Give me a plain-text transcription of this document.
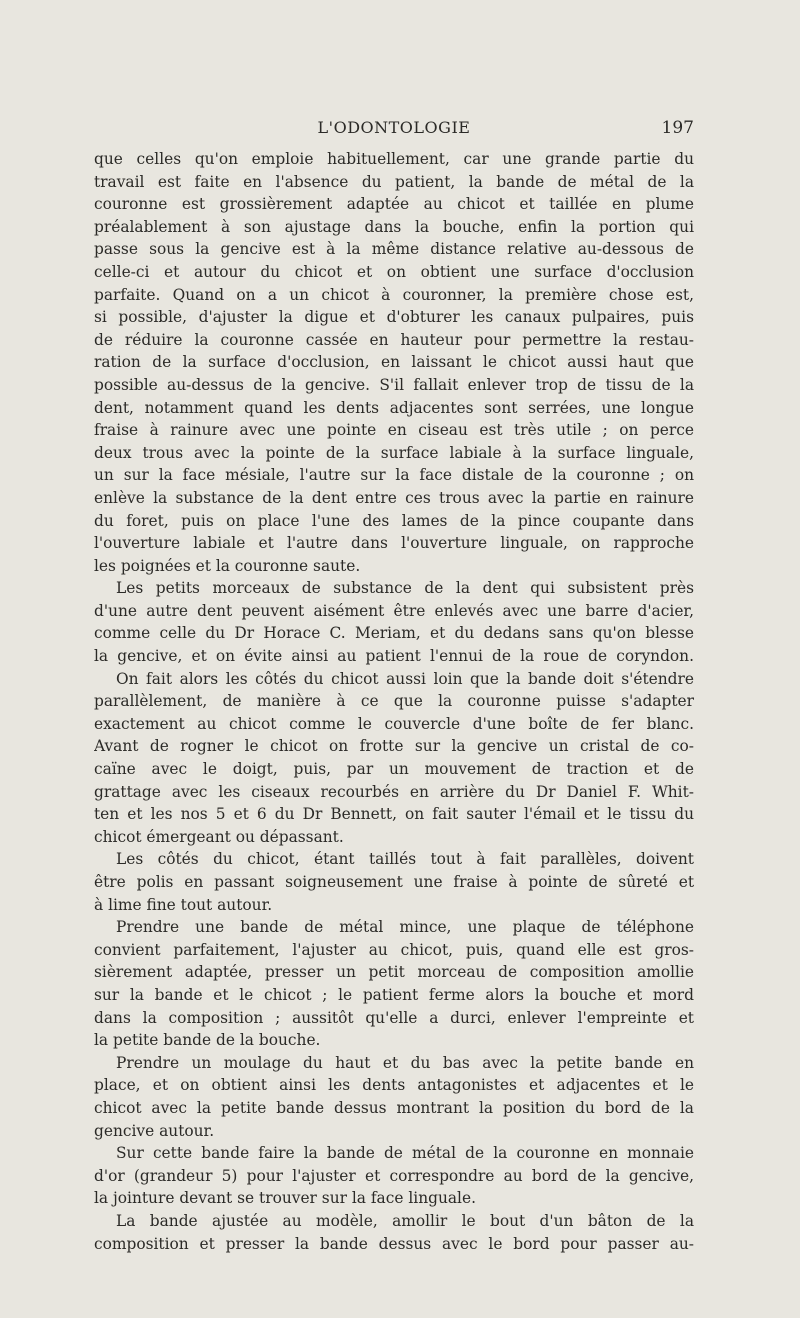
L'ODONTOLOGIE	197
que celles qu'on emploie habituellement, car une grande partie du
travail est faite en l'absence du patient, la bande de métal de la
couronne est grossièrement adaptée au chicot et taillée en plume
préalablement à son ajustage dans la bouche, enfin la portion qui
passe sous la gencive est à la même distance relative au-dessous de
celle-ci et autour du chicot et on obtient une surface d'occlusion
parfaite. Quand on a un chicot à couronner, la première chose est,
si possible, d'ajuster la digue et d'obturer les canaux pulpaires, puis
de réduire la couronne cassée en hauteur pour permettre la restau-
ration de la surface d'occlusion, en laissant le chicot aussi haut que
possible au-dessus de la gencive. S'il fallait enlever trop de tissu de la
dent, notamment quand les dents adjacentes sont serrées, une longue
fraise à rainure avec une pointe en ciseau est très utile ; on perce
deux trous avec la pointe de la surface labiale à la surface linguale,
un sur la face mésiale, l'autre sur la face distale de la couronne ; on
enlève la substance de la dent entre ces trous avec la partie en rainure
du foret, puis on place l'une des lames de la pince coupante dans
l'ouverture labiale et l'autre dans l'ouverture linguale, on rapproche
les poignées et la couronne saute.
Les petits morceaux de substance de la dent qui subsistent près
d'une autre dent peuvent aisément être enlevés avec une barre d'acier,
comme celle du Dr Horace C. Meriam, et du dedans sans qu'on blesse
la gencive, et on évite ainsi au patient l'ennui de la roue de coryndon.
On fait alors les côtés du chicot aussi loin que la bande doit s'étendre
parallèlement, de manière à ce que la couronne puisse s'adapter
exactement au chicot comme le couvercle d'une boîte de fer blanc.
Avant de rogner le chicot on frotte sur la gencive un cristal de co-
caïne avec le doigt, puis, par un mouvement de traction et de
grattage avec les ciseaux recourbés en arrière du Dr Daniel F. Whit-
ten et les nos 5 et 6 du Dr Bennett, on fait sauter l'émail et le tissu du
chicot émergeant ou dépassant.
Les côtés du chicot, étant taillés tout à fait parallèles, doivent
être polis en passant soigneusement une fraise à pointe de sûreté et
à lime fine tout autour.
Prendre une bande de métal mince, une plaque de téléphone
convient parfaitement, l'ajuster au chicot, puis, quand elle est gros-
sièrement adaptée, presser un petit morceau de composition amollie
sur la bande et le chicot ; le patient ferme alors la bouche et mord
dans la composition ; aussitôt qu'elle a durci, enlever l'empreinte et
la petite bande de la bouche.
Prendre un moulage du haut et du bas avec la petite bande en
place, et on obtient ainsi les dents antagonistes et adjacentes et le
chicot avec la petite bande dessus montrant la position du bord de la
gencive autour.
Sur cette bande faire la bande de métal de la couronne en monnaie
d'or (grandeur 5) pour l'ajuster et correspondre au bord de la gencive,
la jointure devant se trouver sur la face linguale.
La bande ajustée au modèle, amollir le bout d'un bâton de la
composition et presser la bande dessus avec le bord pour passer au-
